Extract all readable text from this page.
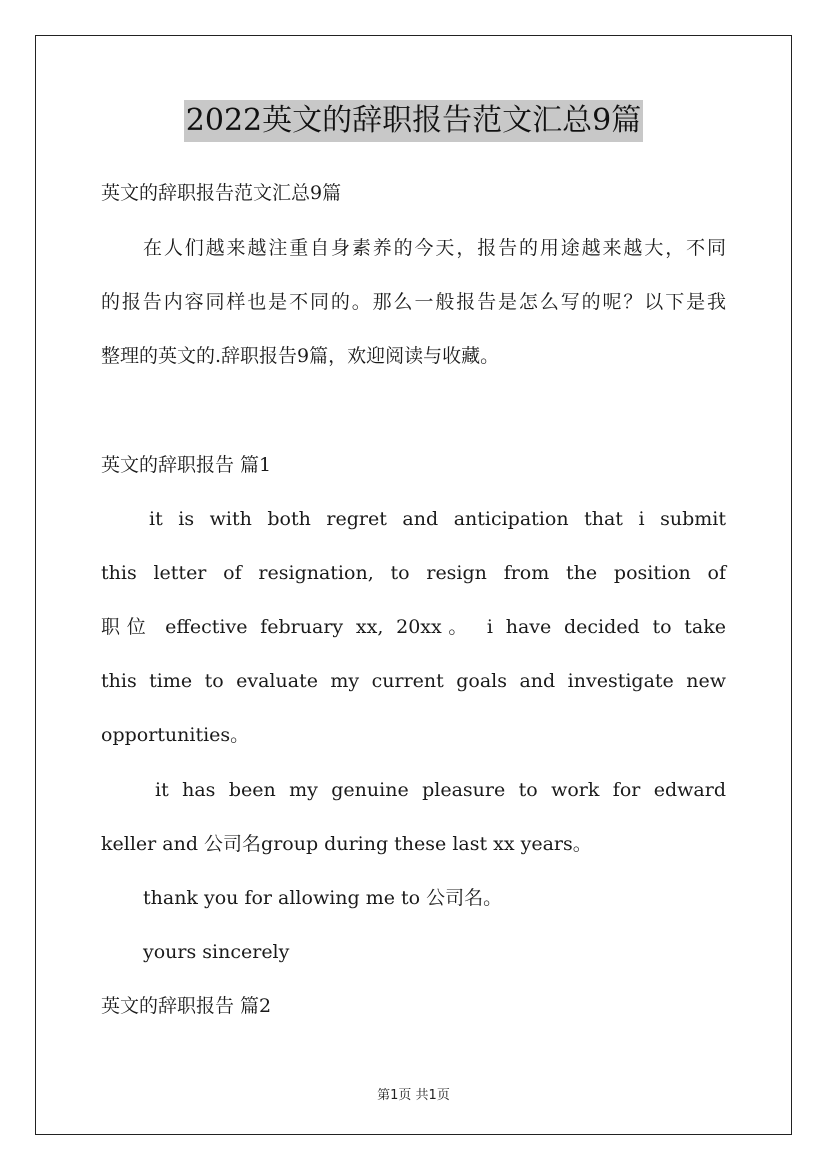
2022英文的辞职报告范文汇总9篇
英文的辞职报告范文汇总9篇
在人们越来越注重自身素养的今天，报告的用途越来越大，不同
的报告内容同样也是不同的。那么一般报告是怎么写的呢？以下是我
整理的英文的.辞职报告9篇，欢迎阅读与收藏。
英文的辞职报告 篇1
it is with both regret and anticipation that i submit
this letter of resignation, to resign from the position of
职位 effective february xx, 20xx。 i have decided to take
this time to evaluate my current goals and investigate new
opportunities。
it has been my genuine pleasure to work for edward
keller and 公司名group during these last xx years。
thank you for allowing me to 公司名。
yours sincerely
英文的辞职报告 篇2
第1页 共1页
